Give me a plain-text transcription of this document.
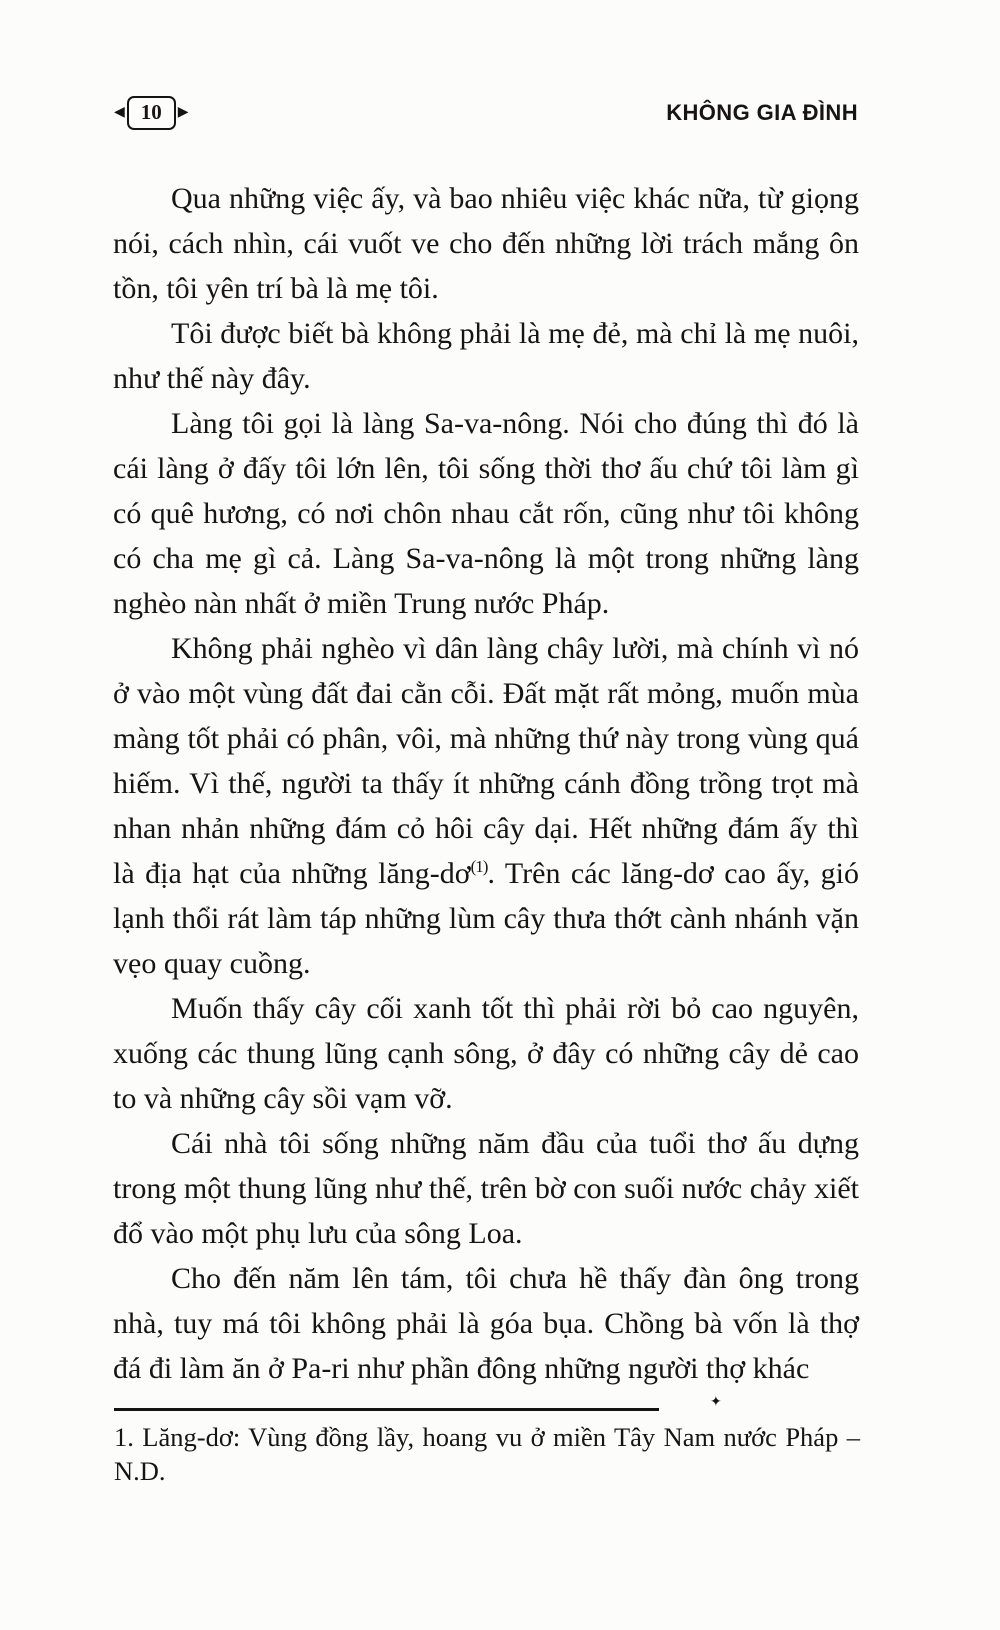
◀ 10	▶	KHÔNG GIA ĐÌNH

Qua những việc ấy, và bao nhiêu việc khác nữa, từ giọng nói, cách nhìn, cái vuốt ve cho đến những lời trách mắng ôn tồn, tôi yên trí bà là mẹ tôi.

Tôi được biết bà không phải là mẹ đẻ, mà chỉ là mẹ nuôi, như thế này đây.

Làng tôi gọi là làng Sa-va-nông. Nói cho đúng thì đó là cái làng ở đấy tôi lớn lên, tôi sống thời thơ ấu chứ tôi làm gì có quê hương, có nơi chôn nhau cắt rốn, cũng như tôi không có cha mẹ gì cả. Làng Sa-va-nông là một trong những làng nghèo nàn nhất ở miền Trung nước Pháp.

Không phải nghèo vì dân làng chây lười, mà chính vì nó ở vào một vùng đất đai cằn cỗi. Đất mặt rất mỏng, muốn mùa màng tốt phải có phân, vôi, mà những thứ này trong vùng quá hiếm. Vì thế, người ta thấy ít những cánh đồng trồng trọt mà nhan nhản những đám cỏ hôi cây dại. Hết những đám ấy thì là địa hạt của những lăng-dơ$^{(1)}$. Trên các lăng-dơ cao ấy, gió lạnh thổi rát làm táp những lùm cây thưa thớt cành nhánh vặn vẹo quay cuồng.

Muốn thấy cây cối xanh tốt thì phải rời bỏ cao nguyên, xuống các thung lũng cạnh sông, ở đây có những cây dẻ cao to và những cây sồi vạm vỡ.

Cái nhà tôi sống những năm đầu của tuổi thơ ấu dựng trong một thung lũng như thế, trên bờ con suối nước chảy xiết đổ vào một phụ lưu của sông Loa.

Cho đến năm lên tám, tôi chưa hề thấy đàn ông trong nhà, tuy má tôi không phải là góa bụa. Chồng bà vốn là thợ đá đi làm ăn ở Pa-ri như phần đông những người thợ khác

✦

1. Lăng-dơ: Vùng đồng lầy, hoang vu ở miền Tây Nam nước Pháp – N.D.
